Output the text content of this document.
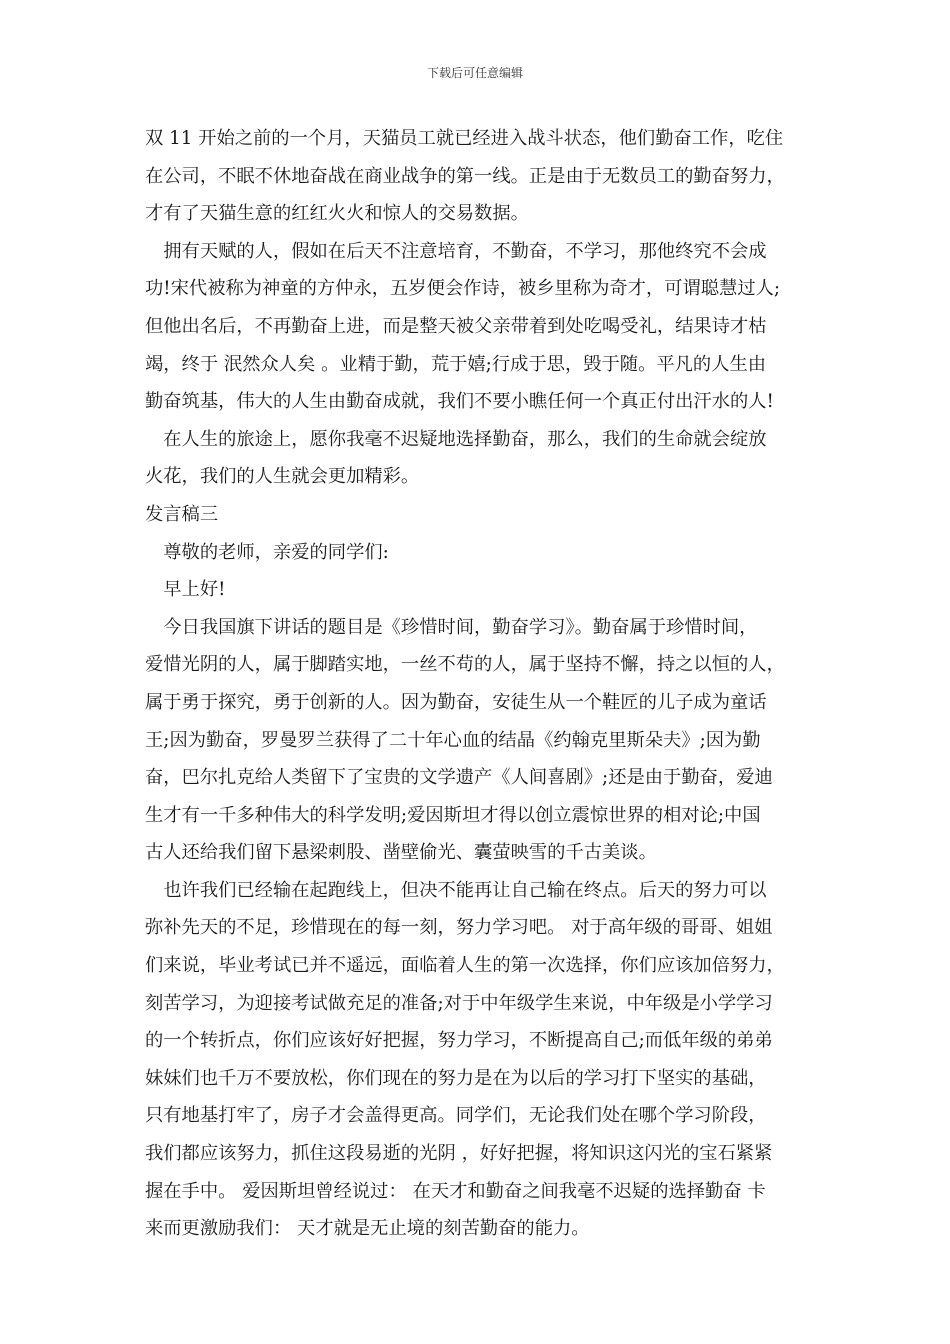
下载后可任意编辑
双 11 开始之前的一个月，天猫员工就已经进入战斗状态，他们勤奋工作，吃住
在公司，不眠不休地奋战在商业战争的第一线。正是由于无数员工的勤奋努力，
才有了天猫生意的红红火火和惊人的交易数据。
　拥有天赋的人，假如在后天不注意培育，不勤奋，不学习，那他终究不会成
功!宋代被称为神童的方仲永，五岁便会作诗，被乡里称为奇才，可谓聪慧过人;
但他出名后，不再勤奋上进，而是整天被父亲带着到处吃喝受礼，结果诗才枯
竭，终于 泯然众人矣 。业精于勤，荒于嬉;行成于思，毁于随。平凡的人生由
勤奋筑基，伟大的人生由勤奋成就，我们不要小瞧任何一个真正付出汗水的人!
　在人生的旅途上，愿你我毫不迟疑地选择勤奋，那么，我们的生命就会绽放
火花，我们的人生就会更加精彩。
发言稿三
　尊敬的老师，亲爱的同学们:
　早上好!
　今日我国旗下讲话的题目是《珍惜时间，勤奋学习》。勤奋属于珍惜时间，
爱惜光阴的人，属于脚踏实地，一丝不苟的人，属于坚持不懈，持之以恒的人，
属于勇于探究，勇于创新的人。因为勤奋，安徒生从一个鞋匠的儿子成为童话
王;因为勤奋，罗曼罗兰获得了二十年心血的结晶《约翰克里斯朵夫》;因为勤
奋，巴尔扎克给人类留下了宝贵的文学遗产《人间喜剧》;还是由于勤奋，爱迪
生才有一千多种伟大的科学发明;爱因斯坦才得以创立震惊世界的相对论;中国
古人还给我们留下悬梁刺股、凿壁偷光、囊萤映雪的千古美谈。
　也许我们已经输在起跑线上，但决不能再让自己输在终点。后天的努力可以
弥补先天的不足，珍惜现在的每一刻，努力学习吧。 对于高年级的哥哥、姐姐
们来说，毕业考试已并不遥远，面临着人生的第一次选择，你们应该加倍努力，
刻苦学习，为迎接考试做充足的准备;对于中年级学生来说，中年级是小学学习
的一个转折点，你们应该好好把握，努力学习，不断提高自己;而低年级的弟弟
妹妹们也千万不要放松，你们现在的努力是在为以后的学习打下坚实的基础，
只有地基打牢了，房子才会盖得更高。同学们，无论我们处在哪个学习阶段，
我们都应该努力，抓住这段易逝的光阴 ，好好把握，将知识这闪光的宝石紧紧
握在手中。 爱因斯坦曾经说过： 在天才和勤奋之间我毫不迟疑的选择勤奋 卡
来而更激励我们： 天才就是无止境的刻苦勤奋的能力。
